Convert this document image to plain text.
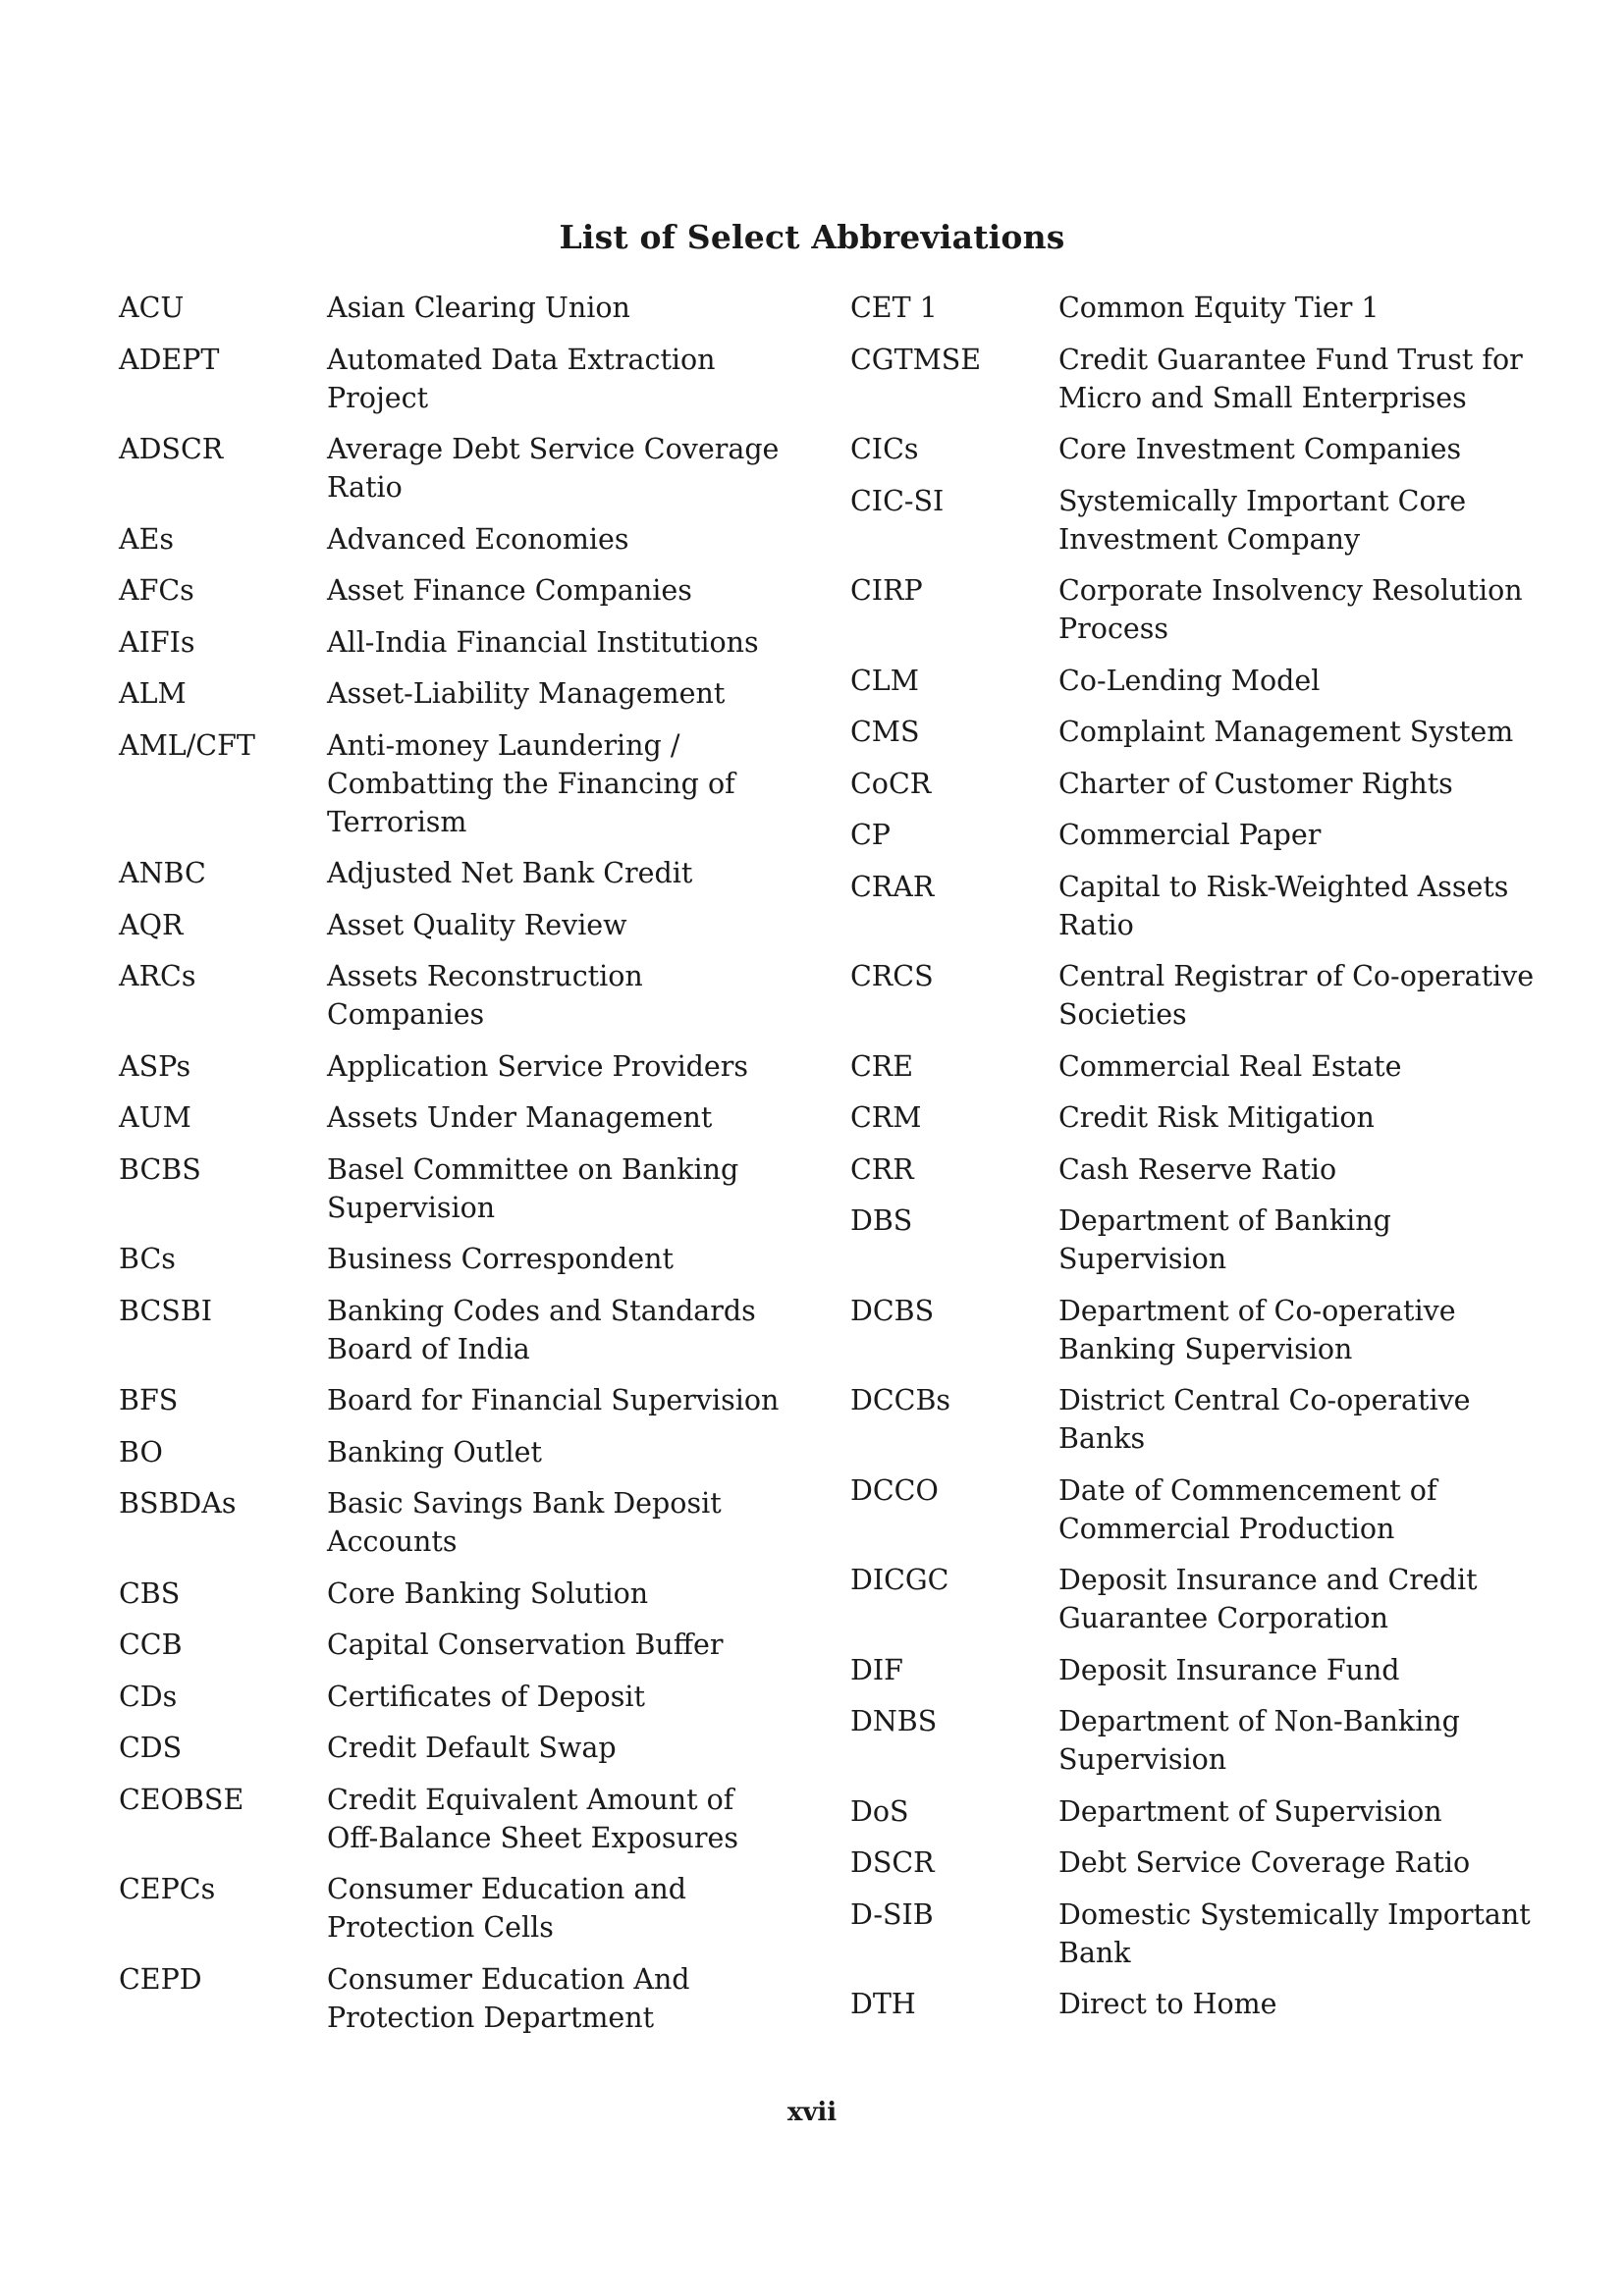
List of Select Abbreviations
ACU	Asian Clearing Union
ADEPT	Automated Data Extraction Project
ADSCR	Average Debt Service Coverage Ratio
AEs	Advanced Economies
AFCs	Asset Finance Companies
AIFIs	All-India Financial Institutions
ALM	Asset-Liability Management
AML/CFT	Anti-money Laundering / Combatting the Financing of Terrorism
ANBC	Adjusted Net Bank Credit
AQR	Asset Quality Review
ARCs	Assets Reconstruction Companies
ASPs	Application Service Providers
AUM	Assets Under Management
BCBS	Basel Committee on Banking Supervision
BCs	Business Correspondent
BCSBI	Banking Codes and Standards Board of India
BFS	Board for Financial Supervision
BO	Banking Outlet
BSBDAs	Basic Savings Bank Deposit Accounts
CBS	Core Banking Solution
CCB	Capital Conservation Buffer
CDs	Certificates of Deposit
CDS	Credit Default Swap
CEOBSE	Credit Equivalent Amount of Off-Balance Sheet Exposures
CEPCs	Consumer Education and Protection Cells
CEPD	Consumer Education And Protection Department
CET 1	Common Equity Tier 1
CGTMSE	Credit Guarantee Fund Trust for Micro and Small Enterprises
CICs	Core Investment Companies
CIC-SI	Systemically Important Core Investment Company
CIRP	Corporate Insolvency Resolution Process
CLM	Co-Lending Model
CMS	Complaint Management System
CoCR	Charter of Customer Rights
CP	Commercial Paper
CRAR	Capital to Risk-Weighted Assets Ratio
CRCS	Central Registrar of Co-operative Societies
CRE	Commercial Real Estate
CRM	Credit Risk Mitigation
CRR	Cash Reserve Ratio
DBS	Department of Banking Supervision
DCBS	Department of Co-operative Banking Supervision
DCCBs	District Central Co-operative Banks
DCCO	Date of Commencement of Commercial Production
DICGC	Deposit Insurance and Credit Guarantee Corporation
DIF	Deposit Insurance Fund
DNBS	Department of Non-Banking Supervision
DoS	Department of Supervision
DSCR	Debt Service Coverage Ratio
D-SIB	Domestic Systemically Important Bank
DTH	Direct to Home
xvii
